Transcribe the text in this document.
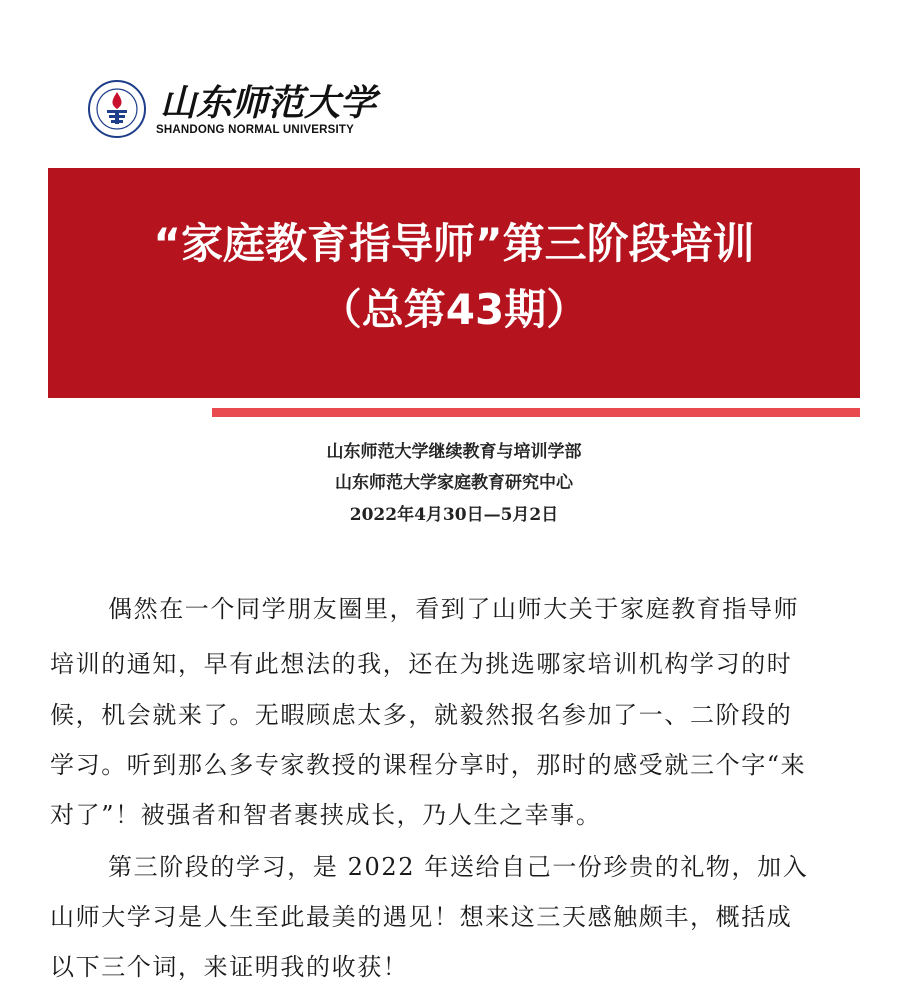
山东师范大学
SHANDONG NORMAL UNIVERSITY
“家庭教育指导师”第三阶段培训
（总第43期）
山东师范大学继续教育与培训学部
山东师范大学家庭教育研究中心
2022年4月30日—5月2日
偶然在一个同学朋友圈里，看到了山师大关于家庭教育指导师
培训的通知，早有此想法的我，还在为挑选哪家培训机构学习的时
候，机会就来了。无暇顾虑太多，就毅然报名参加了一、二阶段的
学习。听到那么多专家教授的课程分享时，那时的感受就三个字“来
对了”！被强者和智者裹挟成长，乃人生之幸事。
第三阶段的学习，是 2022 年送给自己一份珍贵的礼物，加入
山师大学习是人生至此最美的遇见！想来这三天感触颇丰，概括成
以下三个词，来证明我的收获！
